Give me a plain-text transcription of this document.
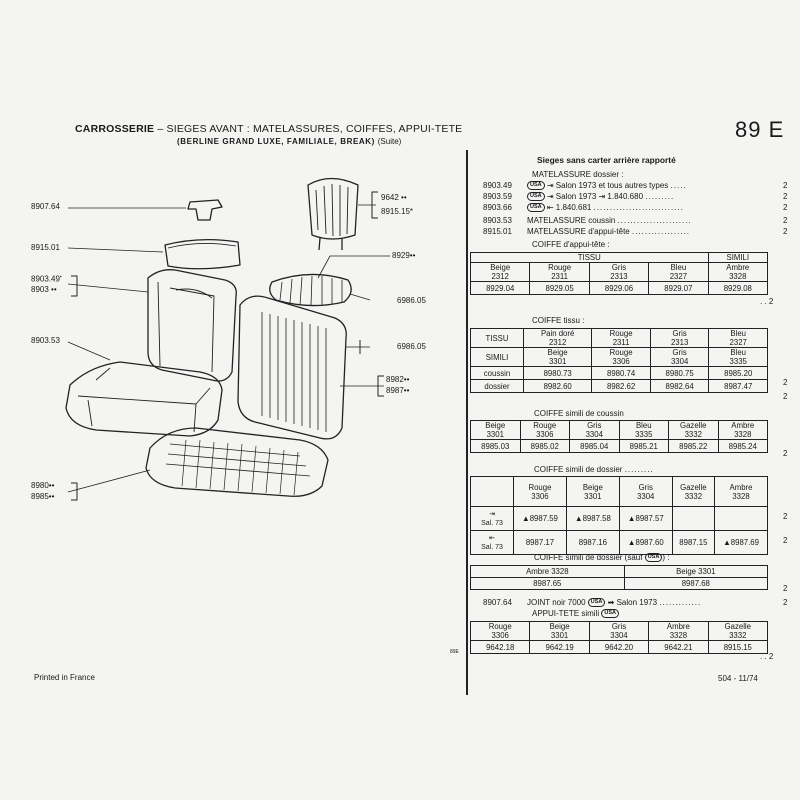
CARROSSERIE – SIEGES AVANT : MATELASSURES, COIFFES, APPUI-TETE
(BERLINE GRAND LUXE, FAMILIALE, BREAK) (Suite)	89 E
8907.64
8915.01
8903.49▪
8903 ••
8903.53
8980••
8985••
9642 ••
8915.15*
8929••
6986.05
6986.05
8982••
8987••
Sieges sans carter arrière rapporté
MATELASSURE dossier :
8903.49	USA ⇥ Salon 1973 et tous autres types .....	2
8903.59	USA ⇥ Salon 1973 ⇥ 1.840.680 .........	2
8903.66	USA ⇤ 1.840.681 ............................	2
8903.53 MATELASSURE coussin .......................	2
8915.01 MATELASSURE d'appui-tête ..................	2
COIFFE d'appui-tête :
TISSU				SIMILI
Beige
2312	Rouge
2311	Gris
2313	Bleu
2327	Ambre
3328
8929.04	8929.05	8929.06	8929.07	8929.08
. . 2
COIFFE tissu :
TISSU	Pain doré
2312	Rouge
2311	Gris
2313	Bleu
2327
SIMILI	Beige
3301	Rouge
3306	Gris
3304	Bleu
3335
coussin	8980.73	8980.74	8980.75	8985.20
dossier	8982.60	8982.62	8982.64	8987.47	2
2
COIFFE simili de coussin
Beige
3301	Rouge
3306	Gris
3304	Bleu
3335	Gazelle
3332	Ambre
3328
8985.03	8985.02	8985.04	8985.21	8985.22	8985.24
2
COIFFE simili de dossier .........
	Rouge
3306	Beige
3301	Gris
3304	Gazelle
3332	Ambre
3328
⇥
Sal. 73	▲8987.59	▲8987.58	▲8987.57		
⇤
Sal. 73	8987.17	8987.16	▲8987.60	8987.15	▲8987.69
2
2
COIFFE simili de dossier (sauf USA ) :
Ambre 3328	Beige 3301
8987.65	8987.68
2
8907.64 JOINT noir 7000 USA ➡ Salon 1973 .............	2
APPUI-TETE simili USA
Rouge
3306	Beige
3301	Gris
3304	Ambre
3328	Gazelle
3332
9642.18	9642.19	9642.20	9642.21	8915.15
. . 2
Printed in France
89E
504 - 11/74
